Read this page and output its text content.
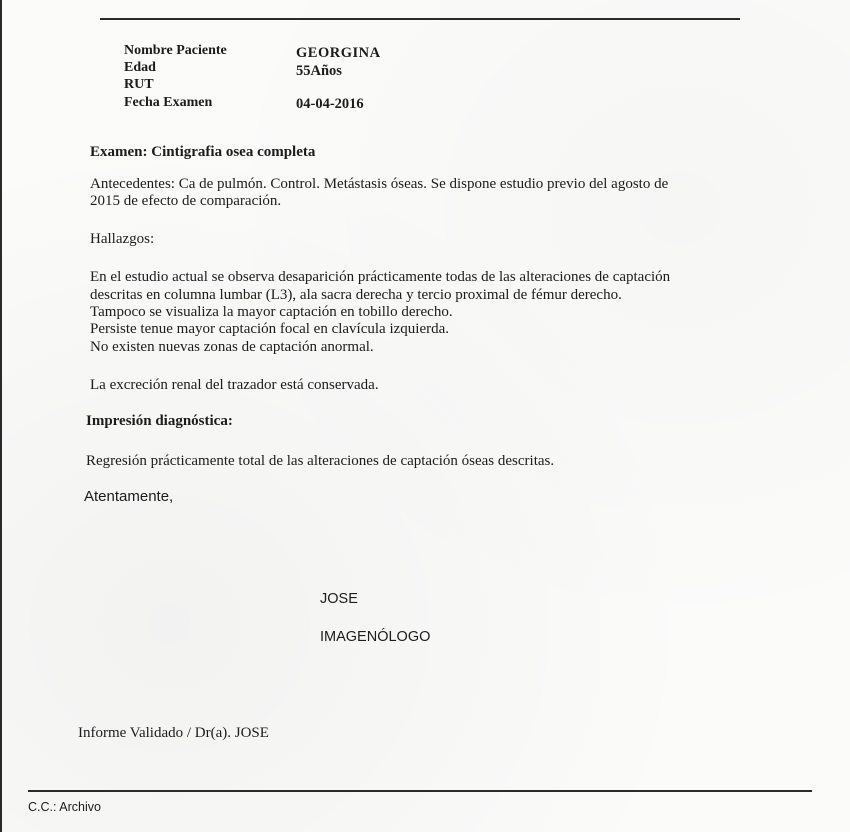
Nombre Paciente	GEORGINA
Edad	55Años
RUT
Fecha Examen	04-04-2016
Examen: Cintigrafia osea completa
Antecedentes: Ca de pulmón. Control. Metástasis óseas. Se dispone estudio previo del agosto de
2015 de efecto de comparación.
Hallazgos:
En el estudio actual se observa desaparición prácticamente todas de las alteraciones de captación
descritas en columna lumbar (L3), ala sacra derecha y tercio proximal de fémur derecho.
Tampoco se visualiza la mayor captación en tobillo derecho.
Persiste tenue mayor captación focal en clavícula izquierda.
No existen nuevas zonas de captación anormal.
La excreción renal del trazador está conservada.
Impresión diagnóstica:
Regresión prácticamente total de las alteraciones de captación óseas descritas.
Atentamente,
JOSE
IMAGENÓLOGO
Informe Validado / Dr(a). JOSE
C.C.: Archivo
